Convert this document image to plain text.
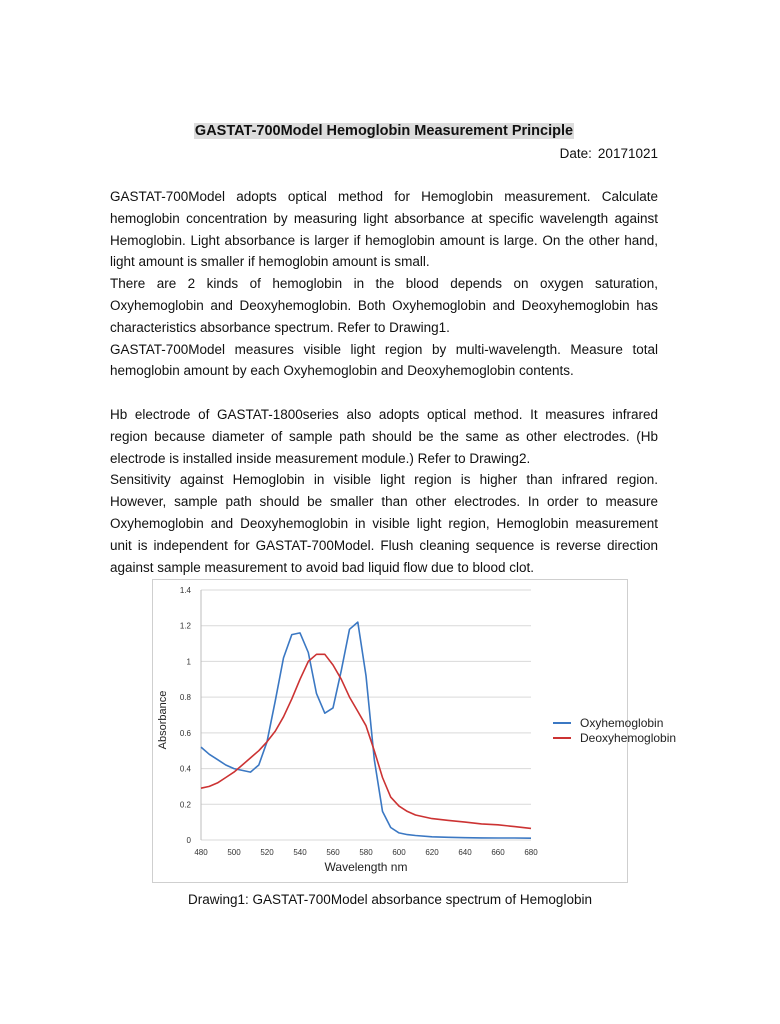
GASTAT-700Model Hemoglobin Measurement Principle
Date: 20171021

GASTAT-700Model adopts optical method for Hemoglobin measurement. Calculate hemoglobin concentration by measuring light absorbance at specific wavelength against Hemoglobin. Light absorbance is larger if hemoglobin amount is large. On the other hand, light amount is smaller if hemoglobin amount is small.

There are 2 kinds of hemoglobin in the blood depends on oxygen saturation, Oxyhemoglobin and Deoxyhemoglobin. Both Oxyhemoglobin and Deoxyhemoglobin has characteristics absorbance spectrum. Refer to Drawing1.

GASTAT-700Model measures visible light region by multi-wavelength. Measure total hemoglobin amount by each Oxyhemoglobin and Deoxyhemoglobin contents.

Hb electrode of GASTAT-1800series also adopts optical method. It measures infrared region because diameter of sample path should be the same as other electrodes. (Hb electrode is installed inside measurement module.) Refer to Drawing2.

Sensitivity against Hemoglobin in visible light region is higher than infrared region. However, sample path should be smaller than other electrodes. In order to measure Oxyhemoglobin and Deoxyhemoglobin in visible light region, Hemoglobin measurement unit is independent for GASTAT-700Model. Flush cleaning sequence is reverse direction against sample measurement to avoid bad liquid flow due to blood clot.

0
0.2
0.4
0.6
0.8
1
1.2
1.4
480 500 520 540 560 580 600 620 640 660 680
Oxyhemoglobin
Deoxyhemoglobin
Wavelength nm
Absorbance
Drawing1: GASTAT-700Model absorbance spectrum of Hemoglobin
